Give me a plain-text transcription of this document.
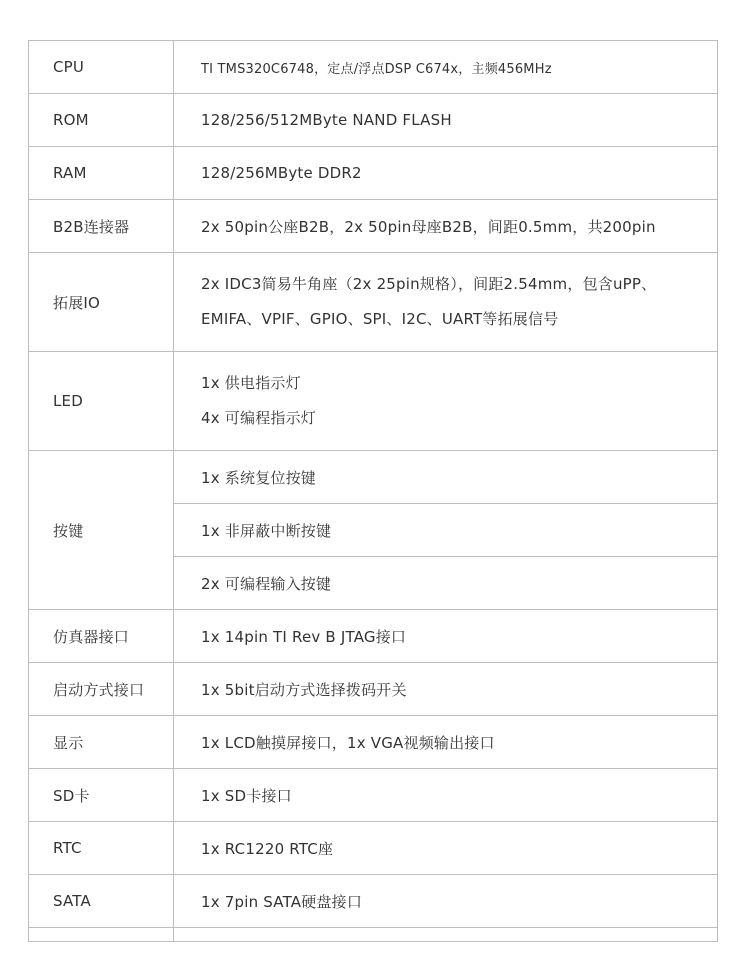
CPU	TI TMS320C6748，定点/浮点DSP C674x，主频456MHz
ROM	128/256/512MByte NAND FLASH
RAM	128/256MByte DDR2
B2B连接器	2x 50pin公座B2B，2x 50pin母座B2B，间距0.5mm，共200pin
拓展IO	2x IDC3简易牛角座（2x 25pin规格），间距2.54mm，包含uPP、
EMIFA、VPIF、GPIO、SPI、I2C、UART等拓展信号

LED	1x 供电指示灯
4x 可编程指示灯

按键	1x 系统复位按键
	1x 非屏蔽中断按键
	2x 可编程输入按键
仿真器接口	1x 14pin TI Rev B JTAG接口
启动方式接口	1x 5bit启动方式选择拨码开关
显示	1x LCD触摸屏接口，1x VGA视频输出接口
SD卡	1x SD卡接口
RTC	1x RC1220 RTC座
SATA	1x 7pin SATA硬盘接口
